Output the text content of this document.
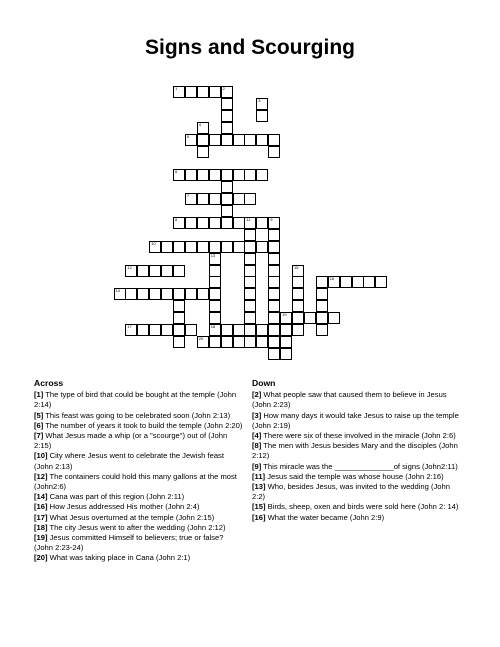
Signs and Scourging
1	2
5
6
7
8	11
10
12
14
17	18
16
19
20
3
4
9
13
15
Across

[1] The type of bird that could be bought at the temple (John 2:14)

[5] This feast was going to be celebrated soon (John 2:13)

[6] The number of years it took to build the temple (John 2:20)

[7] What Jesus made a whip (or a "scourge") out of (John 2:15)

[10] City where Jesus went to celebrate the Jewish feast (John 2:13)

[12] The containers could hold this many gallons at the most (John2:6)

[14] Cana was part of this region (John 2:11)

[16] How Jesus addressed His mother (John 2:4)

[17] What Jesus overturned at the temple (John 2:15)

[18] The city Jesus went to after the wedding (John 2:12)

[19] Jesus committed Himself to believers; true or false? (John 2:23-24)

[20] What was taking place in Cana (John 2:1)

Down

[2] What people saw that caused them to believe in Jesus (John 2:23)

[3] How many days it would take Jesus to raise up the temple (John 2:19)

[4] There were six of these involved in the miracle (John 2:6)

[8] The men with Jesus besides Mary and the disciples (John 2:12)

[9] This miracle was the ______________of signs (John2:11)

[11] Jesus said the temple was whose house (John 2:16)

[13] Who, besides Jesus, was invited to the wedding (John 2:2)

[15] Birds, sheep, oxen and birds were sold here (John 2: 14)

[16] What the water became (John 2:9)
